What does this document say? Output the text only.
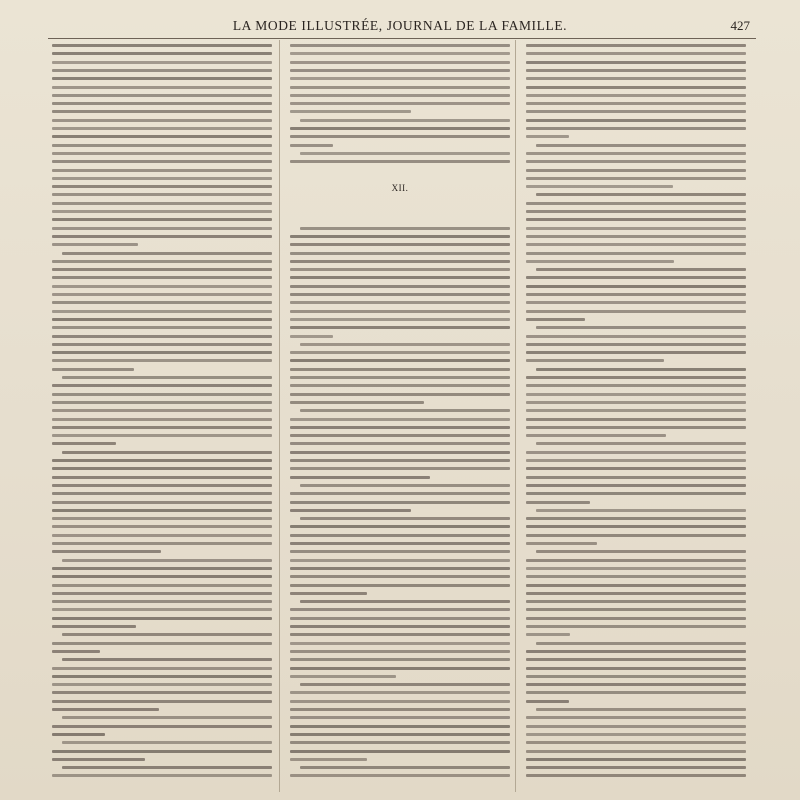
LA MODE ILLUSTRÉE, JOURNAL DE LA FAMILLE.	427
XII.
